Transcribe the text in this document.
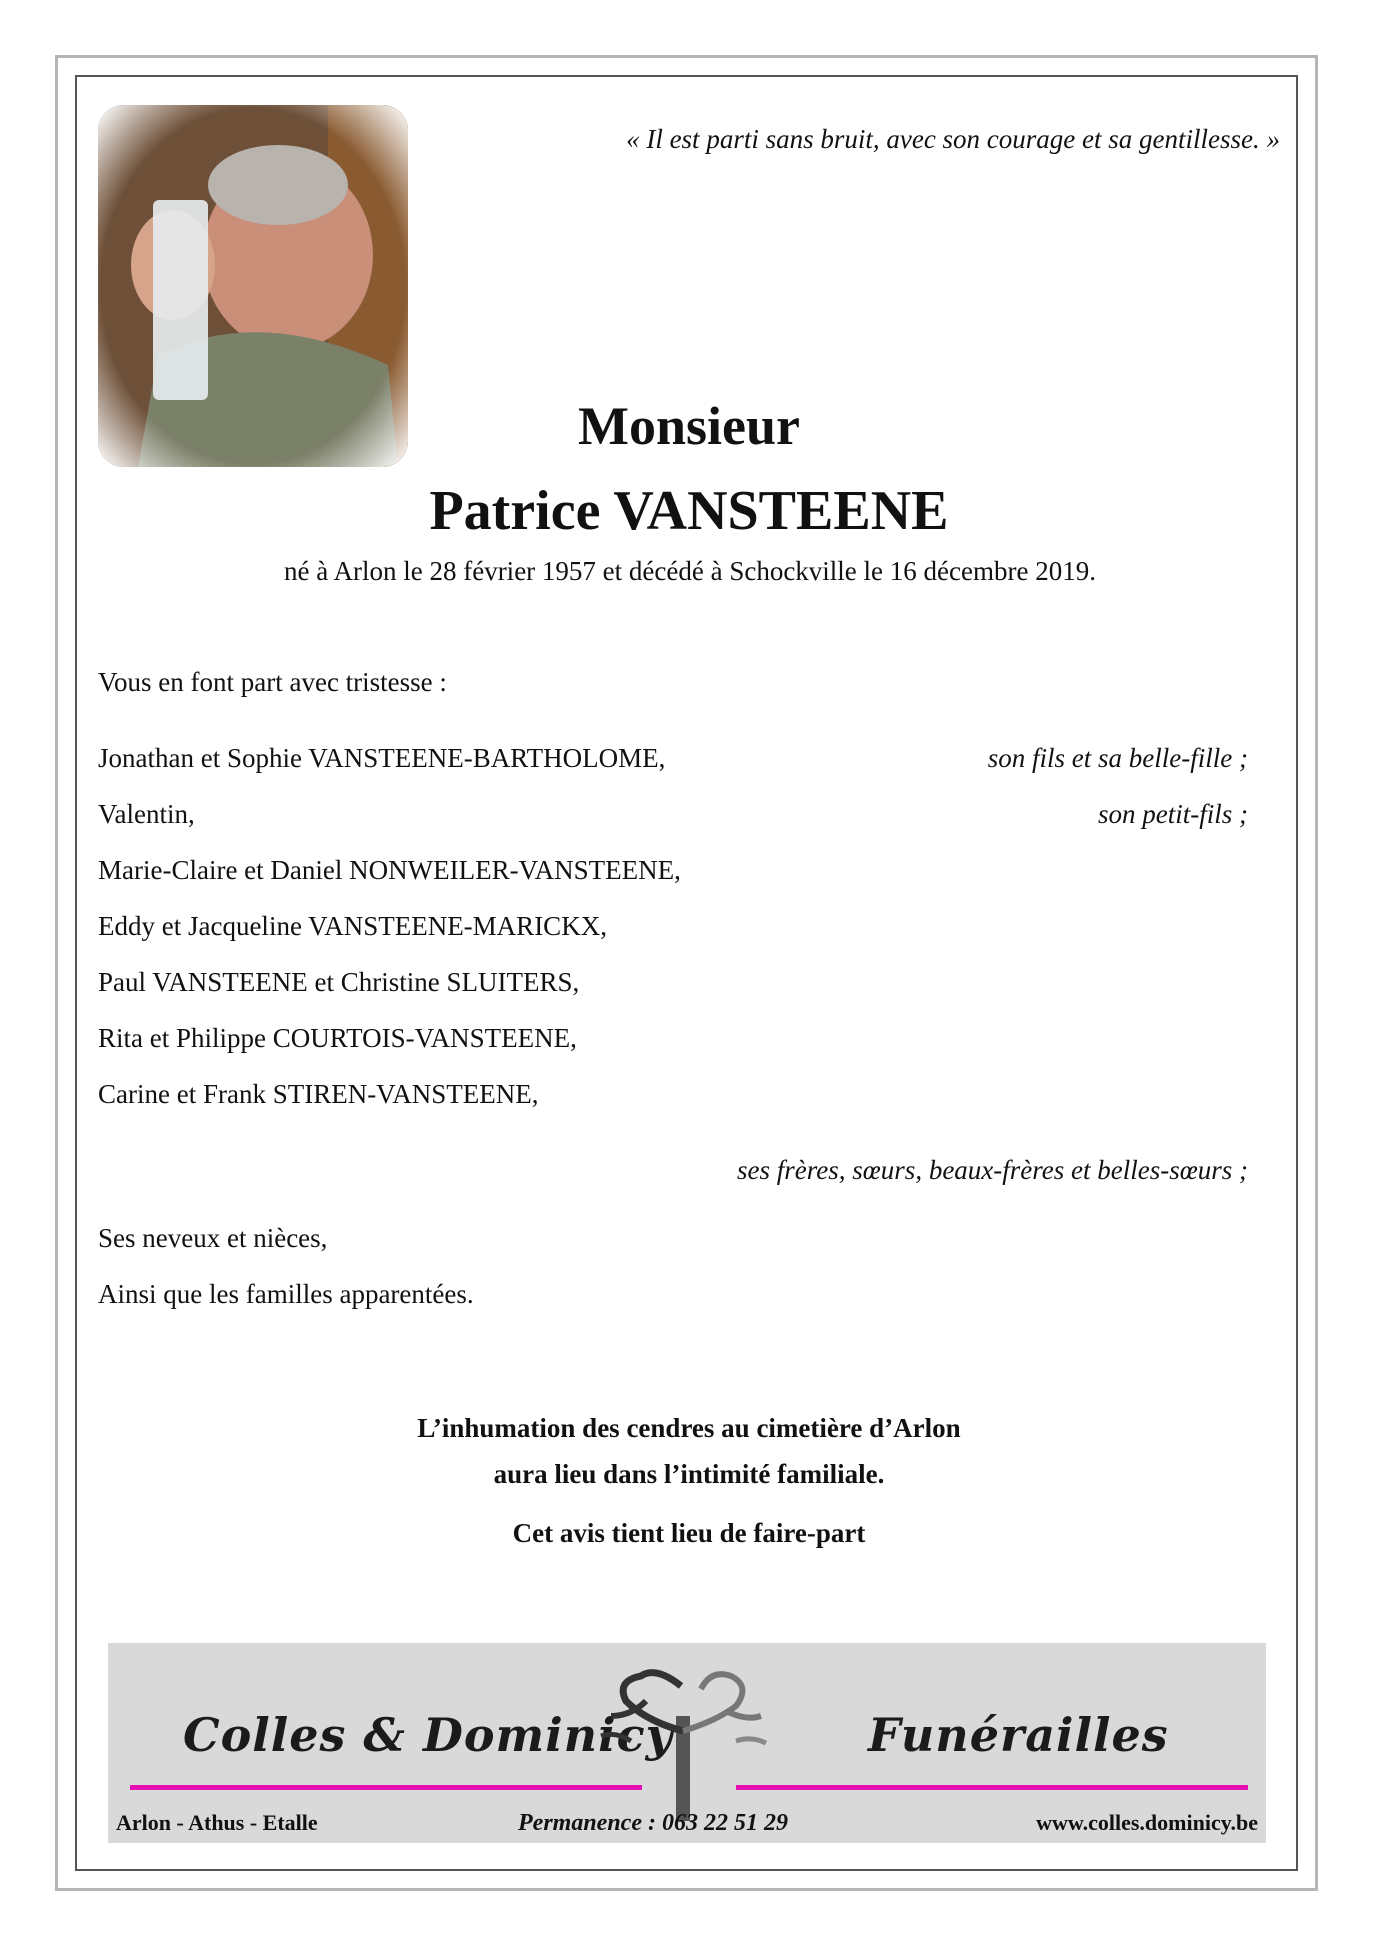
« Il est parti sans bruit, avec son courage et sa gentillesse. »
Monsieur
Patrice VANSTEENE
né à Arlon le 28 février 1957 et décédé à Schockville le 16 décembre 2019.
Vous en font part avec tristesse :
Jonathan et Sophie VANSTEENE-BARTHOLOME,	son fils et sa belle-fille ;
Valentin,	son petit-fils ;
Marie-Claire et Daniel NONWEILER-VANSTEENE,
Eddy et Jacqueline VANSTEENE-MARICKX,
Paul VANSTEENE et Christine SLUITERS,
Rita et Philippe COURTOIS-VANSTEENE,
Carine et Frank STIREN-VANSTEENE,
ses frères, sœurs, beaux-frères et belles-sœurs ;
Ses neveux et nièces,
Ainsi que les familles apparentées.
L’inhumation des cendres au cimetière d’Arlon
aura lieu dans l’intimité familiale.
Cet avis tient lieu de faire-part
Colles & Dominicy	Funérailles
Arlon - Athus - Etalle	Permanence : 063 22 51 29	www.colles.dominicy.be
